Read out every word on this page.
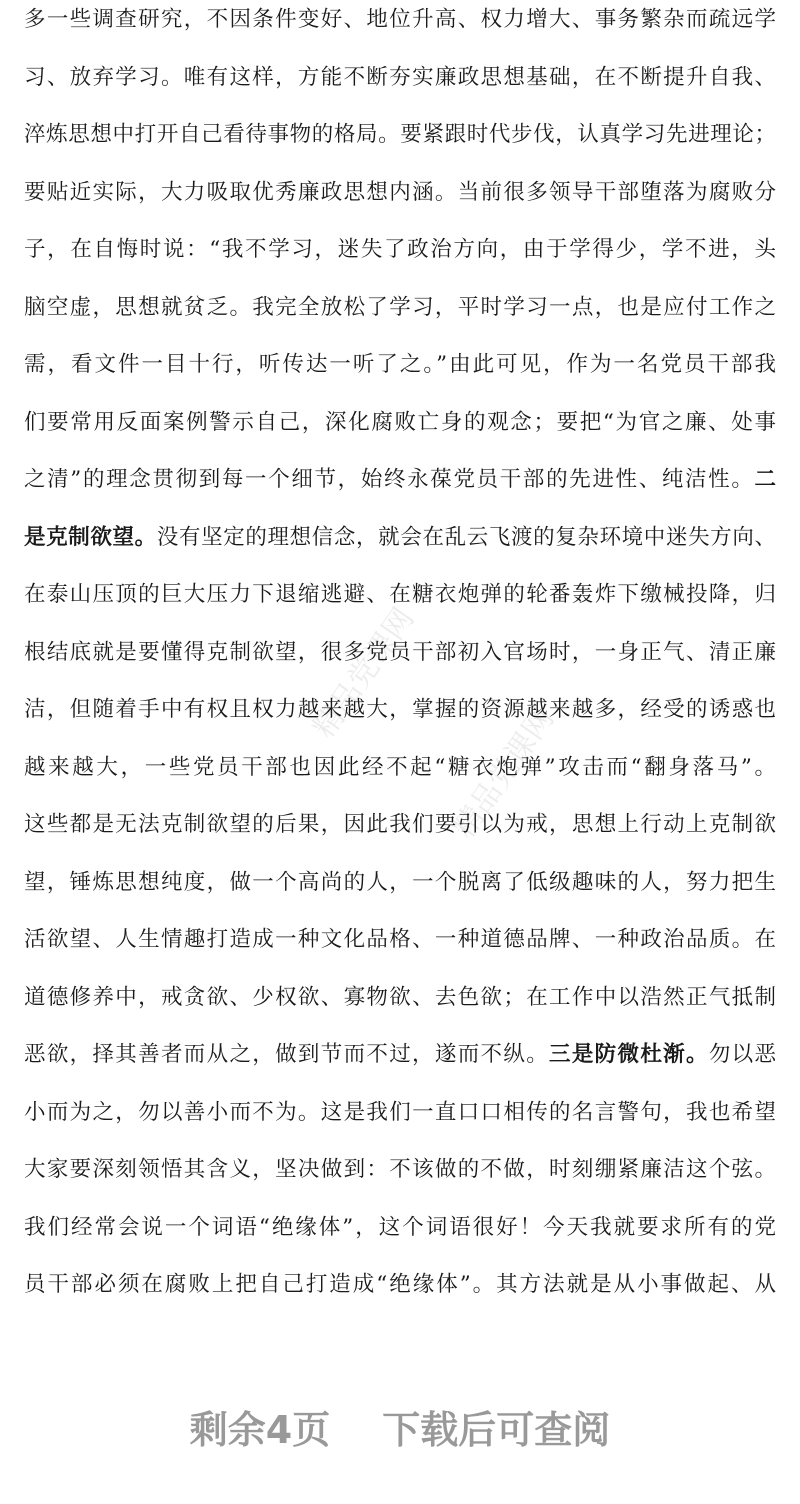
精品党课网
精品党课网
多一些调查研究，不因条件变好、地位升高、权力增大、事务繁杂而疏远学
习、放弃学习。唯有这样，方能不断夯实廉政思想基础，在不断提升自我、
淬炼思想中打开自己看待事物的格局。要紧跟时代步伐，认真学习先进理论；
要贴近实际，大力吸取优秀廉政思想内涵。当前很多领导干部堕落为腐败分
子，在自悔时说：“我不学习，迷失了政治方向，由于学得少，学不进，头
脑空虚，思想就贫乏。我完全放松了学习，平时学习一点，也是应付工作之
需，看文件一目十行，听传达一听了之。”由此可见，作为一名党员干部我
们要常用反面案例警示自己，深化腐败亡身的观念；要把“为官之廉、处事
之清”的理念贯彻到每一个细节，始终永葆党员干部的先进性、纯洁性。二
是克制欲望。没有坚定的理想信念，就会在乱云飞渡的复杂环境中迷失方向、
在泰山压顶的巨大压力下退缩逃避、在糖衣炮弹的轮番轰炸下缴械投降，归
根结底就是要懂得克制欲望，很多党员干部初入官场时，一身正气、清正廉
洁，但随着手中有权且权力越来越大，掌握的资源越来越多，经受的诱惑也
越来越大，一些党员干部也因此经不起“糖衣炮弹”攻击而“翻身落马”。
这些都是无法克制欲望的后果，因此我们要引以为戒，思想上行动上克制欲
望，锤炼思想纯度，做一个高尚的人，一个脱离了低级趣味的人，努力把生
活欲望、人生情趣打造成一种文化品格、一种道德品牌、一种政治品质。在
道德修养中，戒贪欲、少权欲、寡物欲、去色欲；在工作中以浩然正气抵制
恶欲，择其善者而从之，做到节而不过，遂而不纵。三是防微杜渐。勿以恶
小而为之，勿以善小而不为。这是我们一直口口相传的名言警句，我也希望
大家要深刻领悟其含义，坚决做到：不该做的不做，时刻绷紧廉洁这个弦。
我们经常会说一个词语“绝缘体”，这个词语很好！今天我就要求所有的党
员干部必须在腐败上把自己打造成“绝缘体”。其方法就是从小事做起、从
剩余4页 下载后可查阅
